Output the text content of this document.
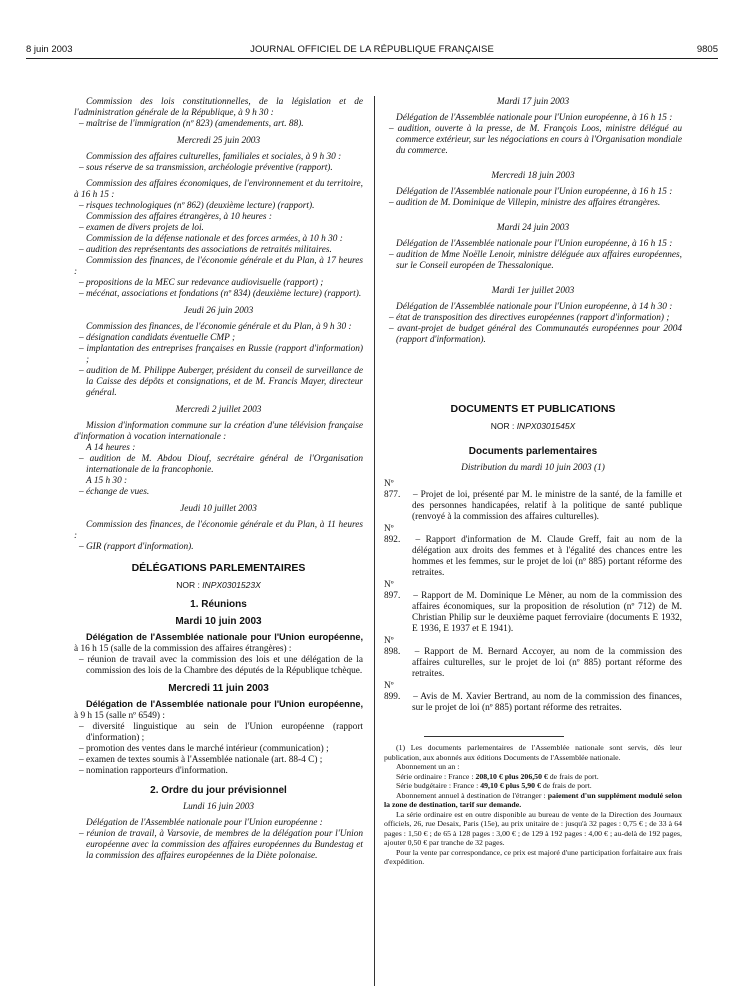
8 juin 2003	JOURNAL OFFICIEL DE LA RÉPUBLIQUE FRANÇAISE	9805

Commission des lois constitutionnelles, de la législation et de l'administration générale de la République, à 9 h 30 :

– maîtrise de l'immigration (nº 823) (amendements, art. 88).

Mercredi 25 juin 2003

Commission des affaires culturelles, familiales et sociales, à 9 h 30 :

– sous réserve de sa transmission, archéologie préventive (rapport).

Commission des affaires économiques, de l'environnement et du territoire, à 16 h 15 :

– risques technologiques (nº 862) (deuxième lecture) (rapport).

Commission des affaires étrangères, à 10 heures :

– examen de divers projets de loi.

Commission de la défense nationale et des forces armées, à 10 h 30 :

– audition des représentants des associations de retraités militaires.

Commission des finances, de l'économie générale et du Plan, à 17 heures :

– propositions de la MEC sur redevance audiovisuelle (rapport) ;

– mécénat, associations et fondations (nº 834) (deuxième lecture) (rapport).

Jeudi 26 juin 2003

Commission des finances, de l'économie générale et du Plan, à 9 h 30 :

– désignation candidats éventuelle CMP ;

– implantation des entreprises françaises en Russie (rapport d'information) ;

– audition de M. Philippe Auberger, président du conseil de surveillance de la Caisse des dépôts et consignations, et de M. Francis Mayer, directeur général.

Mercredi 2 juillet 2003

Mission d'information commune sur la création d'une télévision française d'information à vocation internationale :

A 14 heures :

– audition de M. Abdou Diouf, secrétaire général de l'Organisation internationale de la francophonie.

A 15 h 30 :

– échange de vues.

Jeudi 10 juillet 2003

Commission des finances, de l'économie générale et du Plan, à 11 heures :

– GIR (rapport d'information).

DÉLÉGATIONS PARLEMENTAIRES

NOR : INPX0301523X

1. Réunions

Mardi 10 juin 2003

Délégation de l'Assemblée nationale pour l'Union européenne, à 16 h 15 (salle de la commission des affaires étrangères) :

– réunion de travail avec la commission des lois et une délégation de la commission des lois de la Chambre des députés de la République tchèque.

Mercredi 11 juin 2003

Délégation de l'Assemblée nationale pour l'Union européenne, à 9 h 15 (salle nº 6549) :

– diversité linguistique au sein de l'Union européenne (rapport d'information) ;

– promotion des ventes dans le marché intérieur (communication) ;

– examen de textes soumis à l'Assemblée nationale (art. 88-4 C) ;

– nomination rapporteurs d'information.

2. Ordre du jour prévisionnel

Lundi 16 juin 2003

Délégation de l'Assemblée nationale pour l'Union européenne :

– réunion de travail, à Varsovie, de membres de la délégation pour l'Union européenne avec la commission des affaires européennes du Bundestag et la commission des affaires européennes de la Diète polonaise.

Mardi 17 juin 2003

Délégation de l'Assemblée nationale pour l'Union européenne, à 16 h 15 :

– audition, ouverte à la presse, de M. François Loos, ministre délégué au commerce extérieur, sur les négociations en cours à l'Organisation mondiale du commerce.

Mercredi 18 juin 2003

Délégation de l'Assemblée nationale pour l'Union européenne, à 16 h 15 :

– audition de M. Dominique de Villepin, ministre des affaires étrangères.

Mardi 24 juin 2003

Délégation de l'Assemblée nationale pour l'Union européenne, à 16 h 15 :

– audition de Mme Noëlle Lenoir, ministre déléguée aux affaires européennes, sur le Conseil européen de Thessalonique.

Mardi 1er juillet 2003

Délégation de l'Assemblée nationale pour l'Union européenne, à 14 h 30 :

– état de transposition des directives européennes (rapport d'information) ;

– avant-projet de budget général des Communautés européennes pour 2004 (rapport d'information).

DOCUMENTS ET PUBLICATIONS

NOR : INPX0301545X

Documents parlementaires

Distribution du mardi 10 juin 2003 (1)

Nº 877. – Projet de loi, présenté par M. le ministre de la santé, de la famille et des personnes handicapées, relatif à la politique de santé publique (renvoyé à la commission des affaires culturelles).

Nº 892. – Rapport d'information de M. Claude Greff, fait au nom de la délégation aux droits des femmes et à l'égalité des chances entre les hommes et les femmes, sur le projet de loi (nº 885) portant réforme des retraites.

Nº 897. – Rapport de M. Dominique Le Mèner, au nom de la commission des affaires économiques, sur la proposition de résolution (nº 712) de M. Christian Philip sur le deuxième paquet ferroviaire (documents E 1932, E 1936, E 1937 et E 1941).

Nº 898. – Rapport de M. Bernard Accoyer, au nom de la commission des affaires culturelles, sur le projet de loi (nº 885) portant réforme des retraites.

Nº 899. – Avis de M. Xavier Bertrand, au nom de la commission des finances, sur le projet de loi (nº 885) portant réforme des retraites.

(1) Les documents parlementaires de l'Assemblée nationale sont servis, dès leur publication, aux abonnés aux éditions Documents de l'Assemblée nationale.

Abonnement un an :

Série ordinaire : France : 208,10 € plus 206,50 € de frais de port.

Série budgétaire : France : 49,10 € plus 5,90 € de frais de port.

Abonnement annuel à destination de l'étranger : paiement d'un supplément modulé selon la zone de destination, tarif sur demande.

La série ordinaire est en outre disponible au bureau de vente de la Direction des Journaux officiels, 26, rue Desaix, Paris (15e), au prix unitaire de : jusqu'à 32 pages : 0,75 € ; de 33 à 64 pages : 1,50 € ; de 65 à 128 pages : 3,00 € ; de 129 à 192 pages : 4,00 € ; au-delà de 192 pages, ajouter 0,50 € par tranche de 32 pages.

Pour la vente par correspondance, ce prix est majoré d'une participation forfaitaire aux frais d'expédition.
